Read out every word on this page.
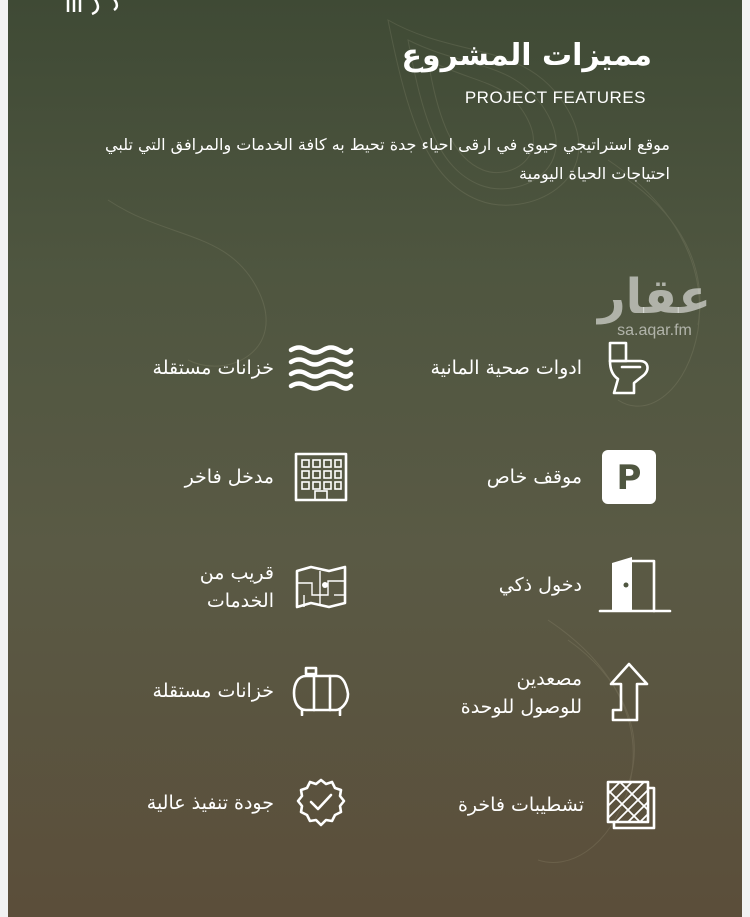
مميزات المشروع
PROJECT FEATURES
موقع استراتيجي حيوي في ارقى احياء جدة تحيط به كافة الخدمات والمرافق التي تلبي احتياجات الحياة اليومية
عقار
sa.aqar.fm
ادوات صحية المانية
P
موقف خاص
دخول ذكي
مصعدين
للوصول للوحدة
تشطيبات فاخرة
خزانات مستقلة
مدخل فاخر
قريب من
الخدمات
خزانات مستقلة
جودة تنفيذ عالية
